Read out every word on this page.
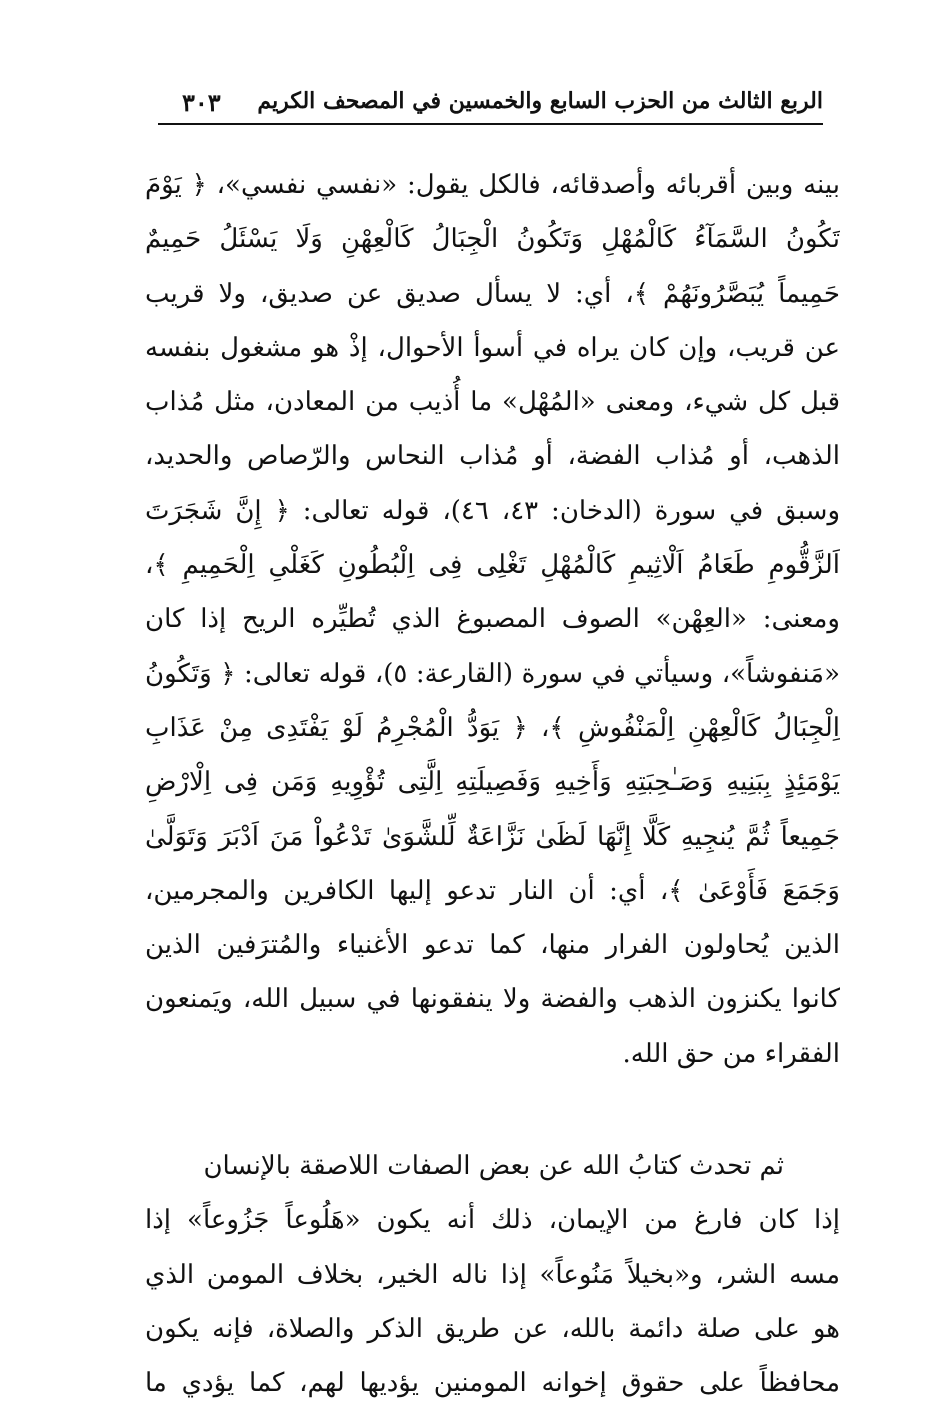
الربع الثالث من الحزب السابع والخمسين في المصحف الكريم
٣٠٣
بينه وبين أقربائه وأصدقائه، فالكل يقول: «نفسي نفسي»، ﴿ يَوْمَ
تَكُونُ السَّمَآءُ كَالْمُهْلِ وَتَكُونُ الْجِبَالُ كَالْعِهْنِ وَلَا يَسْئَلُ حَمِيمٌ
حَمِيماً يُبَصَّرُونَهُمْ ﴾، أي: لا يسأل صديق عن صديق، ولا قريب
عن قريب، وإن كان يراه في أسوأ الأحوال، إذْ هو مشغول بنفسه
قبل كل شيء، ومعنى «المُهْل» ما أُذيب من المعادن، مثل مُذاب
الذهب، أو مُذاب الفضة، أو مُذاب النحاس والرّصاص والحديد،
وسبق في سورة (الدخان: ٤٣، ٤٦)، قوله تعالى: ﴿ إِنَّ شَجَرَتَ
اَلزَّقُّومِ طَعَامُ اَلْاثِيمِ كَالْمُهْلِ تَغْلِى فِى اِلْبُطُونِ كَغَلْىِ اِلْحَمِيمِ ﴾،
ومعنى: «العِهْن» الصوف المصبوغ الذي تُطيِّره الريح إذا كان
«مَنفوشاً»، وسيأتي في سورة (القارعة: ٥)، قوله تعالى: ﴿ وَتَكُونُ
اِلْجِبَالُ كَالْعِهْنِ اِلْمَنْفُوشِ ﴾، ﴿ يَوَدُّ الْمُجْرِمُ لَوْ يَفْتَدِى مِنْ عَذَابِ
يَوْمَئِذٍ بِبَنِيهِ وَصَـٰحِبَتِهِ وَأَخِيهِ وَفَصِيلَتِهِ اِلَّتِى تُؤْوِيهِ وَمَن فِى اِلْارْضِ
جَمِيعاً ثُمَّ يُنجِيهِ كَلَّا إِنَّهَا لَظَىٰ نَزَّاعَةٌ لِّلشَّوَىٰ تَدْعُواْ مَنَ اَدْبَرَ وَتَوَلَّىٰ
وَجَمَعَ فَأَوْعَىٰ ﴾، أي: أن النار تدعو إليها الكافرين والمجرمين،
الذين يُحاولون الفرار منها، كما تدعو الأغنياء والمُترَفين الذين
كانوا يكنزون الذهب والفضة ولا ينفقونها في سبيل الله، ويَمنعون
الفقراء من حق الله.
ثم تحدث كتابُ الله عن بعض الصفات اللاصقة بالإنسان
إذا كان فارغ من الإيمان، ذلك أنه يكون «هَلُوعاً جَزُوعاً» إذا
مسه الشر، و«بخيلاً مَنُوعاً» إذا ناله الخير، بخلاف المومن الذي
هو على صلة دائمة بالله، عن طريق الذكر والصلاة، فإنه يكون
محافظاً على حقوق إخوانه المومنين يؤديها لهم، كما يؤدي ما
